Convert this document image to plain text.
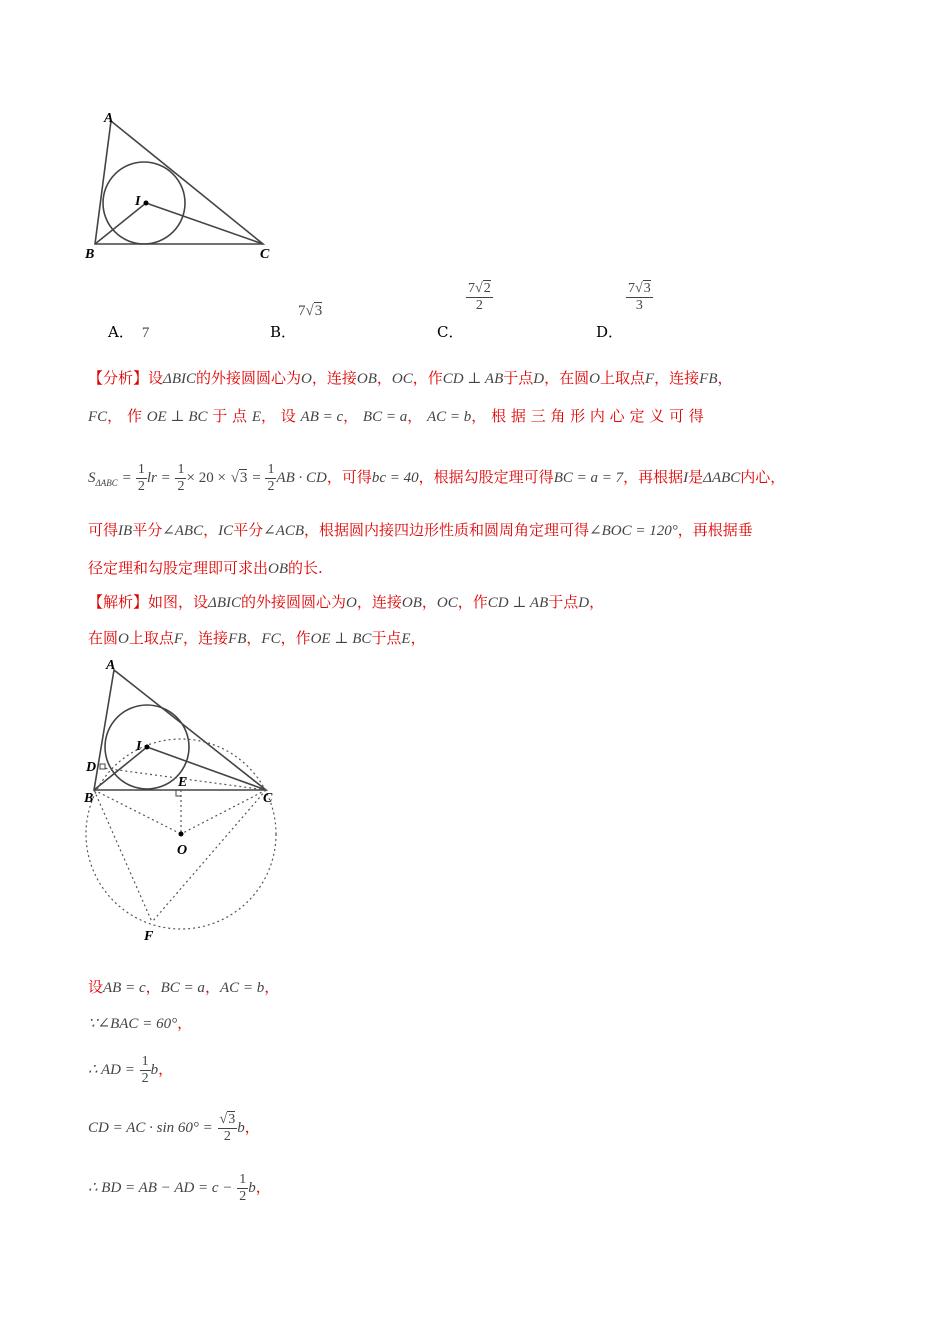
A
B	C
I
A． 7	B．
7√3
C．
$\frac{7√2}{2}$
D．
$\frac{7√3}{3}$
【分析】设ΔBIC的外接圆圆心为O，连接OB，OC，作CD ⊥ AB于点D，在圆O上取点F，连接FB，
FC， 作 OE ⊥ BC 于 点 E， 设 AB = c， BC = a， AC = b， 根 据 三 角 形 内 心 定 义 可 得
$S_{\Delta ABC} = \frac{1}{2}$ lr = $\frac{1}{2} \times 20 \times √3 = \frac{1}{2}$ AB · CD，可得bc = 40，根据勾股定理可得BC = a = 7，再根据I是ΔABC内心，
可得IB平分∠ABC，IC平分∠ACB，根据圆内接四边形性质和圆周角定理可得∠BOC = 120°，再根据垂
径定理和勾股定理即可求出OB的长.
【解析】如图，设ΔBIC的外接圆圆心为O，连接OB，OC，作CD ⊥ AB于点D，
在圆O上取点F，连接FB，FC，作OE ⊥ BC于点E，
A
B	C
D
E
I
O
F
设AB = c，BC = a，AC = b，
∵∠BAC = 60°，
∴ AD = $\frac{1}{2}$ b，
CD = AC · $\sin 60^\circ = \frac{√3}{2}$ b，
∴ BD = AB − AD = $c - \frac{1}{2}$ b，
